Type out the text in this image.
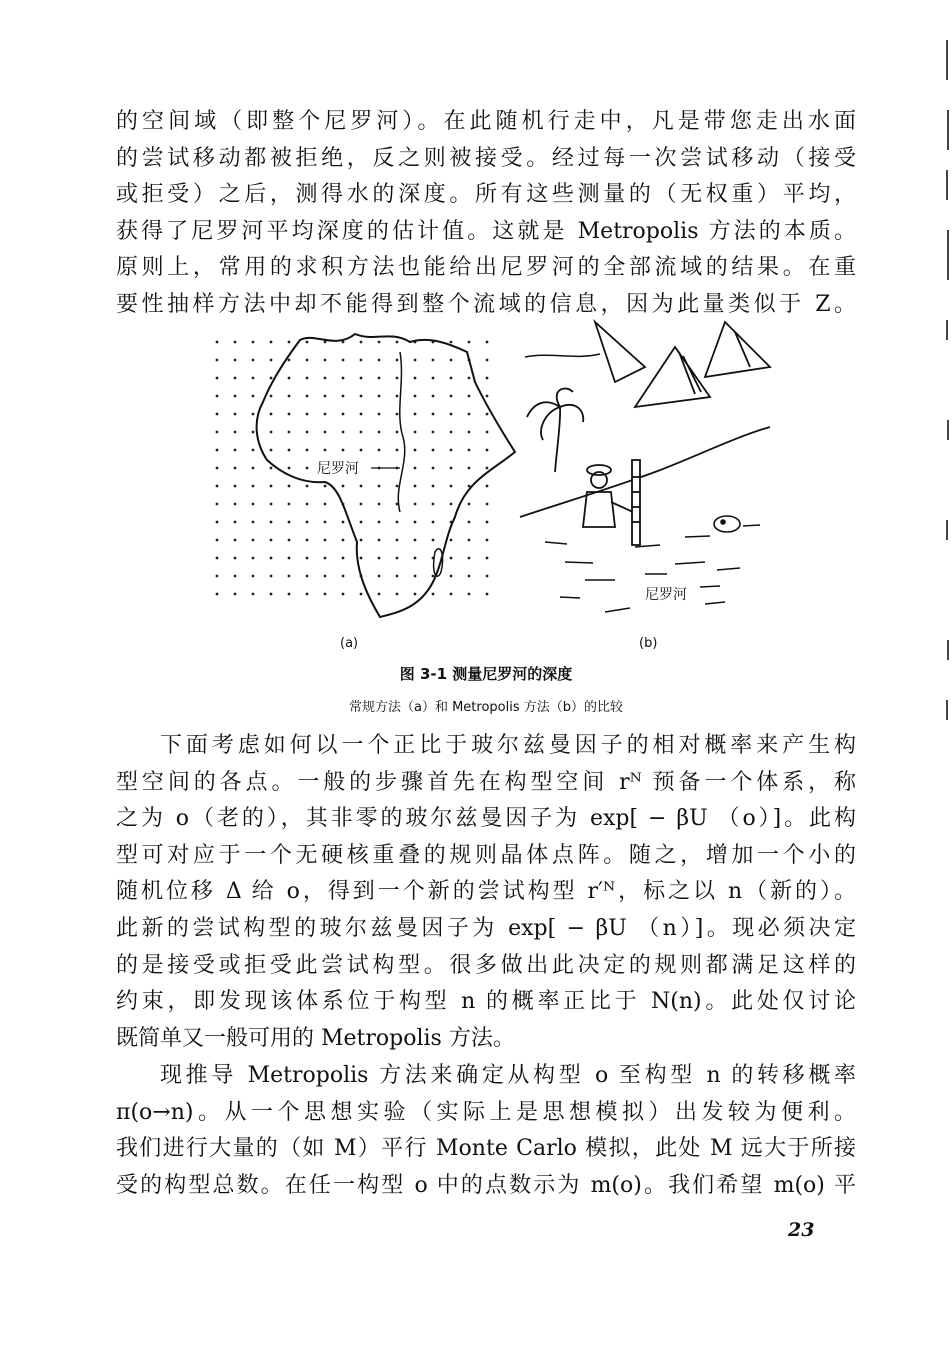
的空间域（即整个尼罗河）。在此随机行走中，凡是带您走出水面
的尝试移动都被拒绝，反之则被接受。经过每一次尝试移动（接受
或拒受）之后，测得水的深度。所有这些测量的（无权重）平均，
获得了尼罗河平均深度的估计值。这就是 Metropolis 方法的本质。
原则上，常用的求积方法也能给出尼罗河的全部流域的结果。在重
要性抽样方法中却不能得到整个流域的信息，因为此量类似于 Z。
尼罗河
尼罗河
(a)	(b)

图 3-1 测量尼罗河的深度

常规方法（a）和 Metropolis 方法（b）的比较

下面考虑如何以一个正比于玻尔兹曼因子的相对概率来产生构
型空间的各点。一般的步骤首先在构型空间 rᴺ 预备一个体系，称
之为 o（老的），其非零的玻尔兹曼因子为 exp[ − βU （o）]。此构
型可对应于一个无硬核重叠的规则晶体点阵。随之，增加一个小的
随机位移 Δ 给 o，得到一个新的尝试构型 r′ᴺ，标之以 n（新的）。
此新的尝试构型的玻尔兹曼因子为 exp[ − βU （n）]。现必须决定
的是接受或拒受此尝试构型。很多做出此决定的规则都满足这样的
约束，即发现该体系位于构型 n 的概率正比于 N(n)。此处仅讨论
既简单又一般可用的 Metropolis 方法。
现推导 Metropolis 方法来确定从构型 o 至构型 n 的转移概率
π(o→n)。从一个思想实验（实际上是思想模拟）出发较为便利。
我们进行大量的（如 M）平行 Monte Carlo 模拟，此处 M 远大于所接
受的构型总数。在任一构型 o 中的点数示为 m(o)。我们希望 m(o) 平
23
